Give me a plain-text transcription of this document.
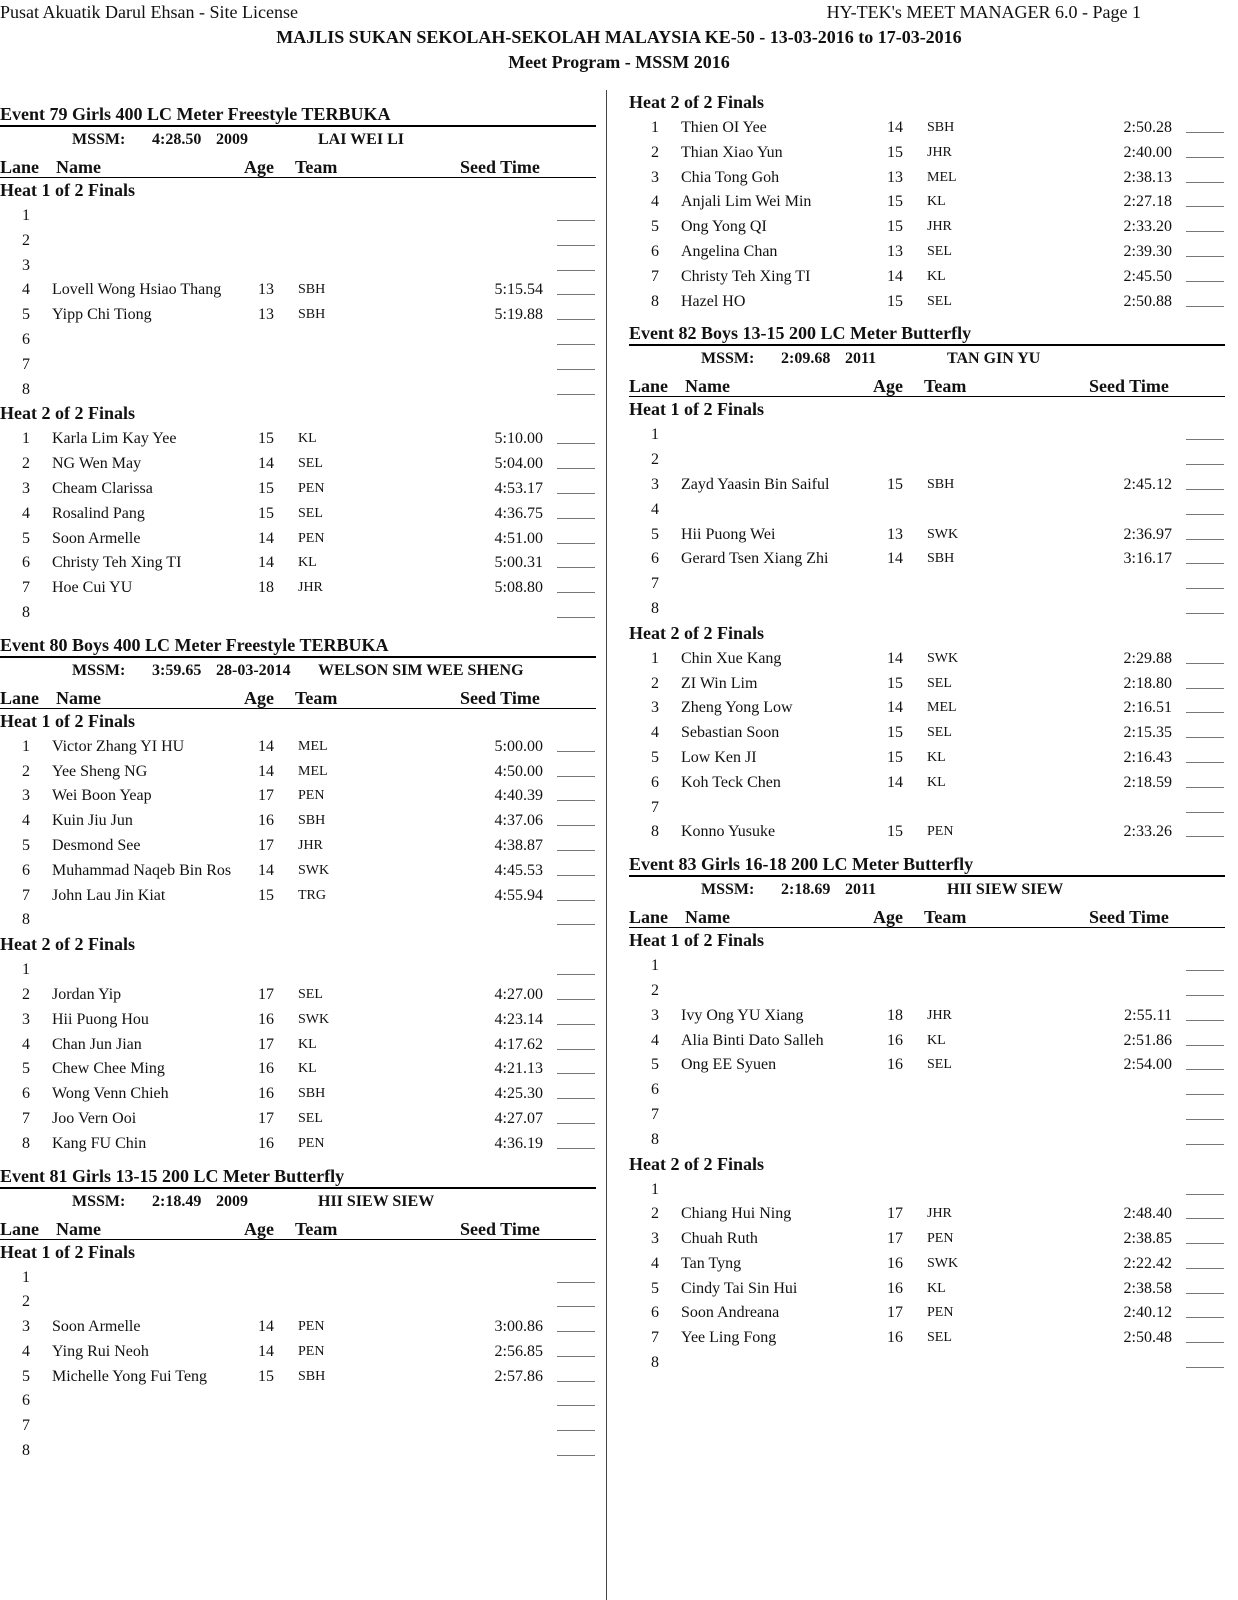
Pusat Akuatik Darul Ehsan - Site License	HY-TEK's MEET MANAGER 6.0 - Page 1
MAJLIS SUKAN SEKOLAH-SEKOLAH MALAYSIA KE-50 - 13-03-2016 to 17-03-2016
Meet Program - MSSM 2016
Event 79 Girls 400 LC Meter Freestyle TERBUKA
MSSM: 4:28.50 2009	LAI WEI LI
Lane Name	Age Team	Seed Time
Heat 1 of 2 Finals
1
2
3
4 Lovell Wong Hsiao Thang 13 SBH	5:15.54
5 Yipp Chi Tiong	13 SBH	5:19.88
6
7
8
Heat 2 of 2 Finals
1 Karla Lim Kay Yee	15 KL	5:10.00
2 NG Wen May	14 SEL	5:04.00
3 Cheam Clarissa	15 PEN	4:53.17
4 Rosalind Pang	15 SEL	4:36.75
5 Soon Armelle	14 PEN	4:51.00
6 Christy Teh Xing TI	14 KL	5:00.31
7 Hoe Cui YU	18 JHR	5:08.80
8
Event 80 Boys 400 LC Meter Freestyle TERBUKA
MSSM: 3:59.65 28-03-2014 WELSON SIM WEE SHENG
Lane Name	Age Team	Seed Time
Heat 1 of 2 Finals
1 Victor Zhang YI HU	14 MEL	5:00.00
2 Yee Sheng NG	14 MEL	4:50.00
3 Wei Boon Yeap	17 PEN	4:40.39
4 Kuin Jiu Jun	16 SBH	4:37.06
5 Desmond See	17 JHR	4:38.87
6 Muhammad Naqeb Bin Ros 14 SWK	4:45.53
7 John Lau Jin Kiat	15 TRG	4:55.94
8
Heat 2 of 2 Finals
1
2 Jordan Yip	17 SEL	4:27.00
3 Hii Puong Hou	16 SWK	4:23.14
4 Chan Jun Jian	17 KL	4:17.62
5 Chew Chee Ming	16 KL	4:21.13
6 Wong Venn Chieh	16 SBH	4:25.30
7 Joo Vern Ooi	17 SEL	4:27.07
8 Kang FU Chin	16 PEN	4:36.19
Event 81 Girls 13-15 200 LC Meter Butterfly
MSSM: 2:18.49 2009	HII SIEW SIEW
Lane Name	Age Team	Seed Time
Heat 1 of 2 Finals
1
2
3 Soon Armelle	14 PEN	3:00.86
4 Ying Rui Neoh	14 PEN	2:56.85
5 Michelle Yong Fui Teng	15 SBH	2:57.86
6
7
8
Heat 2 of 2 Finals
1 Thien OI Yee	14 SBH	2:50.28
2 Thian Xiao Yun	15 JHR	2:40.00
3 Chia Tong Goh	13 MEL	2:38.13
4 Anjali Lim Wei Min	15 KL	2:27.18
5 Ong Yong QI	15 JHR	2:33.20
6 Angelina Chan	13 SEL	2:39.30
7 Christy Teh Xing TI	14 KL	2:45.50
8 Hazel HO	15 SEL	2:50.88
Event 82 Boys 13-15 200 LC Meter Butterfly
MSSM: 2:09.68 2011	TAN GIN YU
Lane Name	Age Team	Seed Time
Heat 1 of 2 Finals
1
2
3 Zayd Yaasin Bin Saiful	15 SBH	2:45.12
4
5 Hii Puong Wei	13 SWK	2:36.97
6 Gerard Tsen Xiang Zhi	14 SBH	3:16.17
7
8
Heat 2 of 2 Finals
1 Chin Xue Kang	14 SWK	2:29.88
2 ZI Win Lim	15 SEL	2:18.80
3 Zheng Yong Low	14 MEL	2:16.51
4 Sebastian Soon	15 SEL	2:15.35
5 Low Ken JI	15 KL	2:16.43
6 Koh Teck Chen	14 KL	2:18.59
7
8 Konno Yusuke	15 PEN	2:33.26
Event 83 Girls 16-18 200 LC Meter Butterfly
MSSM: 2:18.69 2011	HII SIEW SIEW
Lane Name	Age Team	Seed Time
Heat 1 of 2 Finals
1
2
3 Ivy Ong YU Xiang	18 JHR	2:55.11
4 Alia Binti Dato Salleh	16 KL	2:51.86
5 Ong EE Syuen	16 SEL	2:54.00
6
7
8
Heat 2 of 2 Finals
1
2 Chiang Hui Ning	17 JHR	2:48.40
3 Chuah Ruth	17 PEN	2:38.85
4 Tan Tyng	16 SWK	2:22.42
5 Cindy Tai Sin Hui	16 KL	2:38.58
6 Soon Andreana	17 PEN	2:40.12
7 Yee Ling Fong	16 SEL	2:50.48
8
